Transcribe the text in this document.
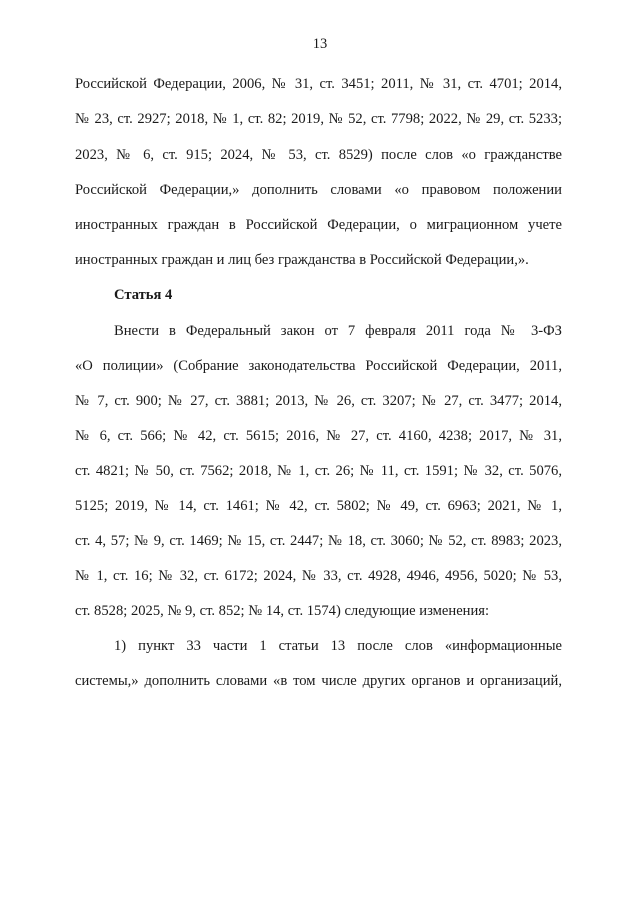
13
Российской Федерации, 2006, № 31, ст. 3451; 2011, № 31, ст. 4701; 2014,
№ 23, ст. 2927; 2018, № 1, ст. 82; 2019, № 52, ст. 7798; 2022, № 29, ст. 5233;
2023, № 6, ст. 915; 2024, № 53, ст. 8529) после слов «о гражданстве
Российской Федерации,» дополнить словами «о правовом положении
иностранных граждан в Российской Федерации, о миграционном учете
иностранных граждан и лиц без гражданства в Российской Федерации,».
Статья 4
Внести в Федеральный закон от 7 февраля 2011 года № 3-ФЗ
«О полиции» (Собрание законодательства Российской Федерации, 2011,
№ 7, ст. 900; № 27, ст. 3881; 2013, № 26, ст. 3207; № 27, ст. 3477; 2014,
№ 6, ст. 566; № 42, ст. 5615; 2016, № 27, ст. 4160, 4238; 2017, № 31,
ст. 4821; № 50, ст. 7562; 2018, № 1, ст. 26; № 11, ст. 1591; № 32, ст. 5076,
5125; 2019, № 14, ст. 1461; № 42, ст. 5802; № 49, ст. 6963; 2021, № 1,
ст. 4, 57; № 9, ст. 1469; № 15, ст. 2447; № 18, ст. 3060; № 52, ст. 8983; 2023,
№ 1, ст. 16; № 32, ст. 6172; 2024, № 33, ст. 4928, 4946, 4956, 5020; № 53,
ст. 8528; 2025, № 9, ст. 852; № 14, ст. 1574) следующие изменения:
1) пункт 33 части 1 статьи 13 после слов «информационные
системы,» дополнить словами «в том числе других органов и организаций,
